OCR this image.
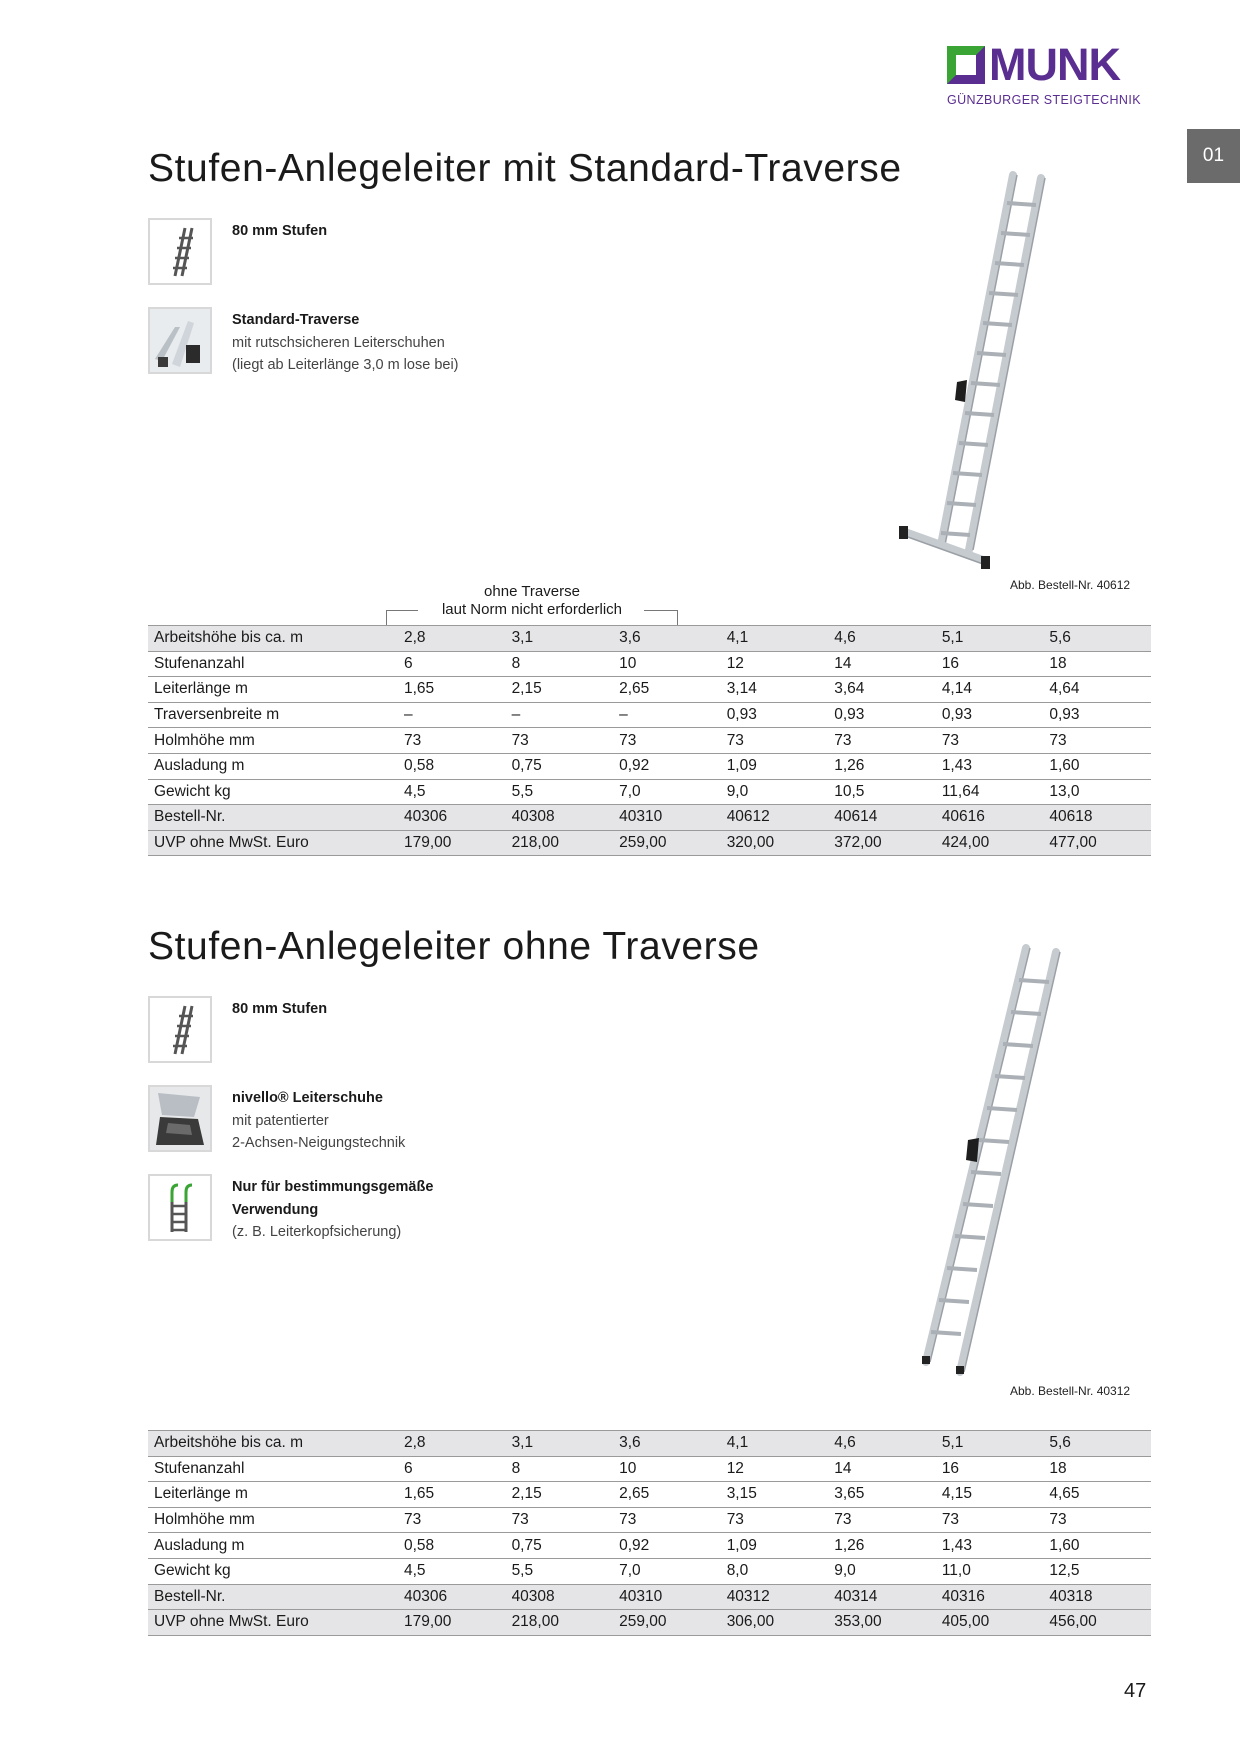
MUNK
GÜNZBURGER STEIGTECHNIK
01
Stufen-Anlegeleiter mit Standard-Traverse
80 mm Stufen
Standard-Traverse
mit rutschsicheren Leiterschuhen
(liegt ab Leiterlänge 3,0 m lose bei)
Abb. Bestell-Nr. 40612
ohne Traverse
laut Norm nicht erforderlich
Arbeitshöhe bis ca. m	2,8	3,1	3,6	4,1	4,6	5,1	5,6
Stufenanzahl	6	8	10	12	14	16	18
Leiterlänge m	1,65	2,15	2,65	3,14	3,64	4,14	4,64
Traversenbreite m	–	–	–	0,93	0,93	0,93	0,93
Holmhöhe mm	73	73	73	73	73	73	73
Ausladung m	0,58	0,75	0,92	1,09	1,26	1,43	1,60
Gewicht kg	4,5	5,5	7,0	9,0	10,5	11,64	13,0
Bestell-Nr.	40306	40308	40310	40612	40614	40616	40618
UVP ohne MwSt. Euro	179,00	218,00	259,00	320,00	372,00	424,00	477,00
Stufen-Anlegeleiter ohne Traverse
80 mm Stufen
nivello® Leiterschuhe
mit patentierter
2-Achsen-Neigungstechnik
Nur für bestimmungsgemäße
Verwendung
(z. B. Leiterkopfsicherung)
Abb. Bestell-Nr. 40312
Arbeitshöhe bis ca. m	2,8	3,1	3,6	4,1	4,6	5,1	5,6
Stufenanzahl	6	8	10	12	14	16	18
Leiterlänge m	1,65	2,15	2,65	3,15	3,65	4,15	4,65
Holmhöhe mm	73	73	73	73	73	73	73
Ausladung m	0,58	0,75	0,92	1,09	1,26	1,43	1,60
Gewicht kg	4,5	5,5	7,0	8,0	9,0	11,0	12,5
Bestell-Nr.	40306	40308	40310	40312	40314	40316	40318
UVP ohne MwSt. Euro	179,00	218,00	259,00	306,00	353,00	405,00	456,00
47
